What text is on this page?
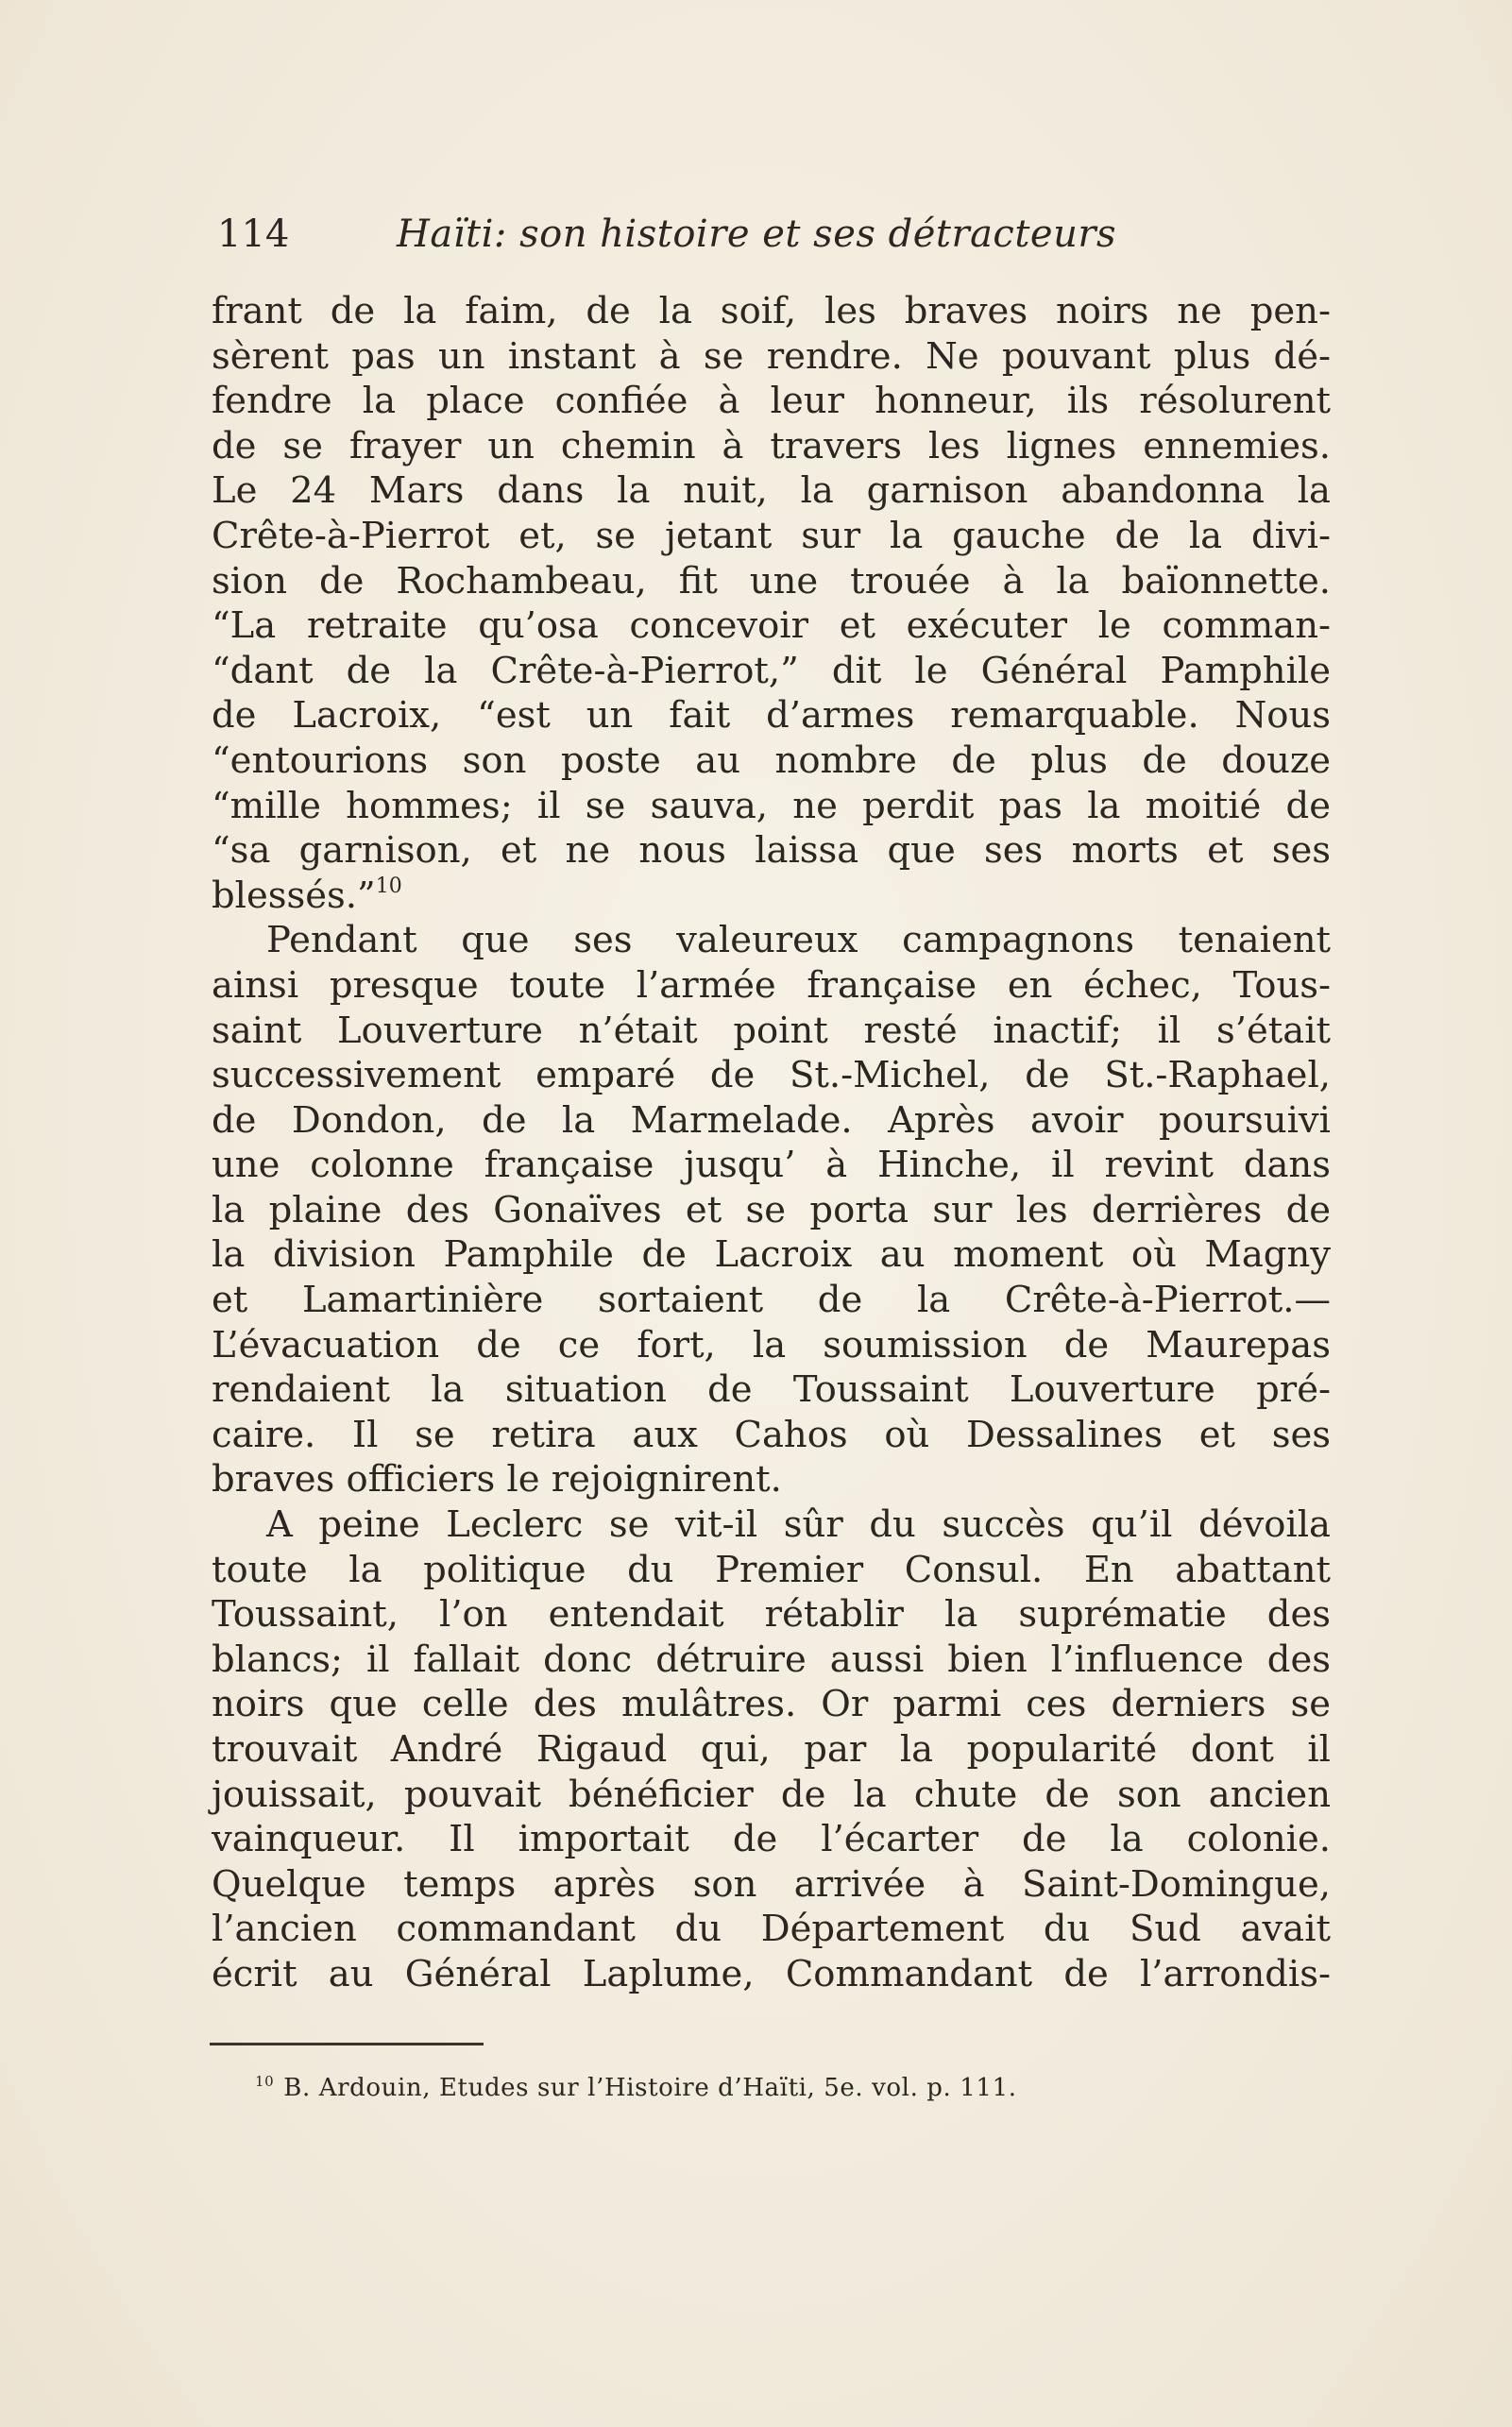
114	Haïti: son histoire et ses détracteurs

frant de la faim, de la soif, les braves noirs ne pen-
sèrent pas un instant à se rendre. Ne pouvant plus dé-
fendre la place confiée à leur honneur, ils résolurent
de se frayer un chemin à travers les lignes ennemies.
Le 24 Mars dans la nuit, la garnison abandonna la
Crête-à-Pierrot et, se jetant sur la gauche de la divi-
sion de Rochambeau, fit une trouée à la baïonnette.
“La retraite qu’osa concevoir et exécuter le comman-
“dant de la Crête-à-Pierrot,” dit le Général Pamphile
de Lacroix, “est un fait d’armes remarquable. Nous
“entourions son poste au nombre de plus de douze
“mille hommes; il se sauva, ne perdit pas la moitié de
“sa garnison, et ne nous laissa que ses morts et ses
blessés.”$^{10}$

Pendant que ses valeureux campagnons tenaient
ainsi presque toute l’armée française en échec, Tous-
saint Louverture n’était point resté inactif; il s’était
successivement emparé de St.-Michel, de St.-Raphael,
de Dondon, de la Marmelade. Après avoir poursuivi
une colonne française jusqu’ à Hinche, il revint dans
la plaine des Gonaïves et se porta sur les derrières de
la division Pamphile de Lacroix au moment où Magny
et Lamartinière sortaient de la Crête-à-Pierrot.—
L’évacuation de ce fort, la soumission de Maurepas
rendaient la situation de Toussaint Louverture pré-
caire. Il se retira aux Cahos où Dessalines et ses
braves officiers le rejoignirent.

A peine Leclerc se vit-il sûr du succès qu’il dévoila
toute la politique du Premier Consul. En abattant
Toussaint, l’on entendait rétablir la suprématie des
blancs; il fallait donc détruire aussi bien l’influence des
noirs que celle des mulâtres. Or parmi ces derniers se
trouvait André Rigaud qui, par la popularité dont il
jouissait, pouvait bénéficier de la chute de son ancien
vainqueur. Il importait de l’écarter de la colonie.
Quelque temps après son arrivée à Saint-Domingue,
l’ancien commandant du Département du Sud avait
écrit au Général Laplume, Commandant de l’arrondis-

$^{10}$ B. Ardouin, Etudes sur l’Histoire d’Haïti, 5e. vol. p. 111.
